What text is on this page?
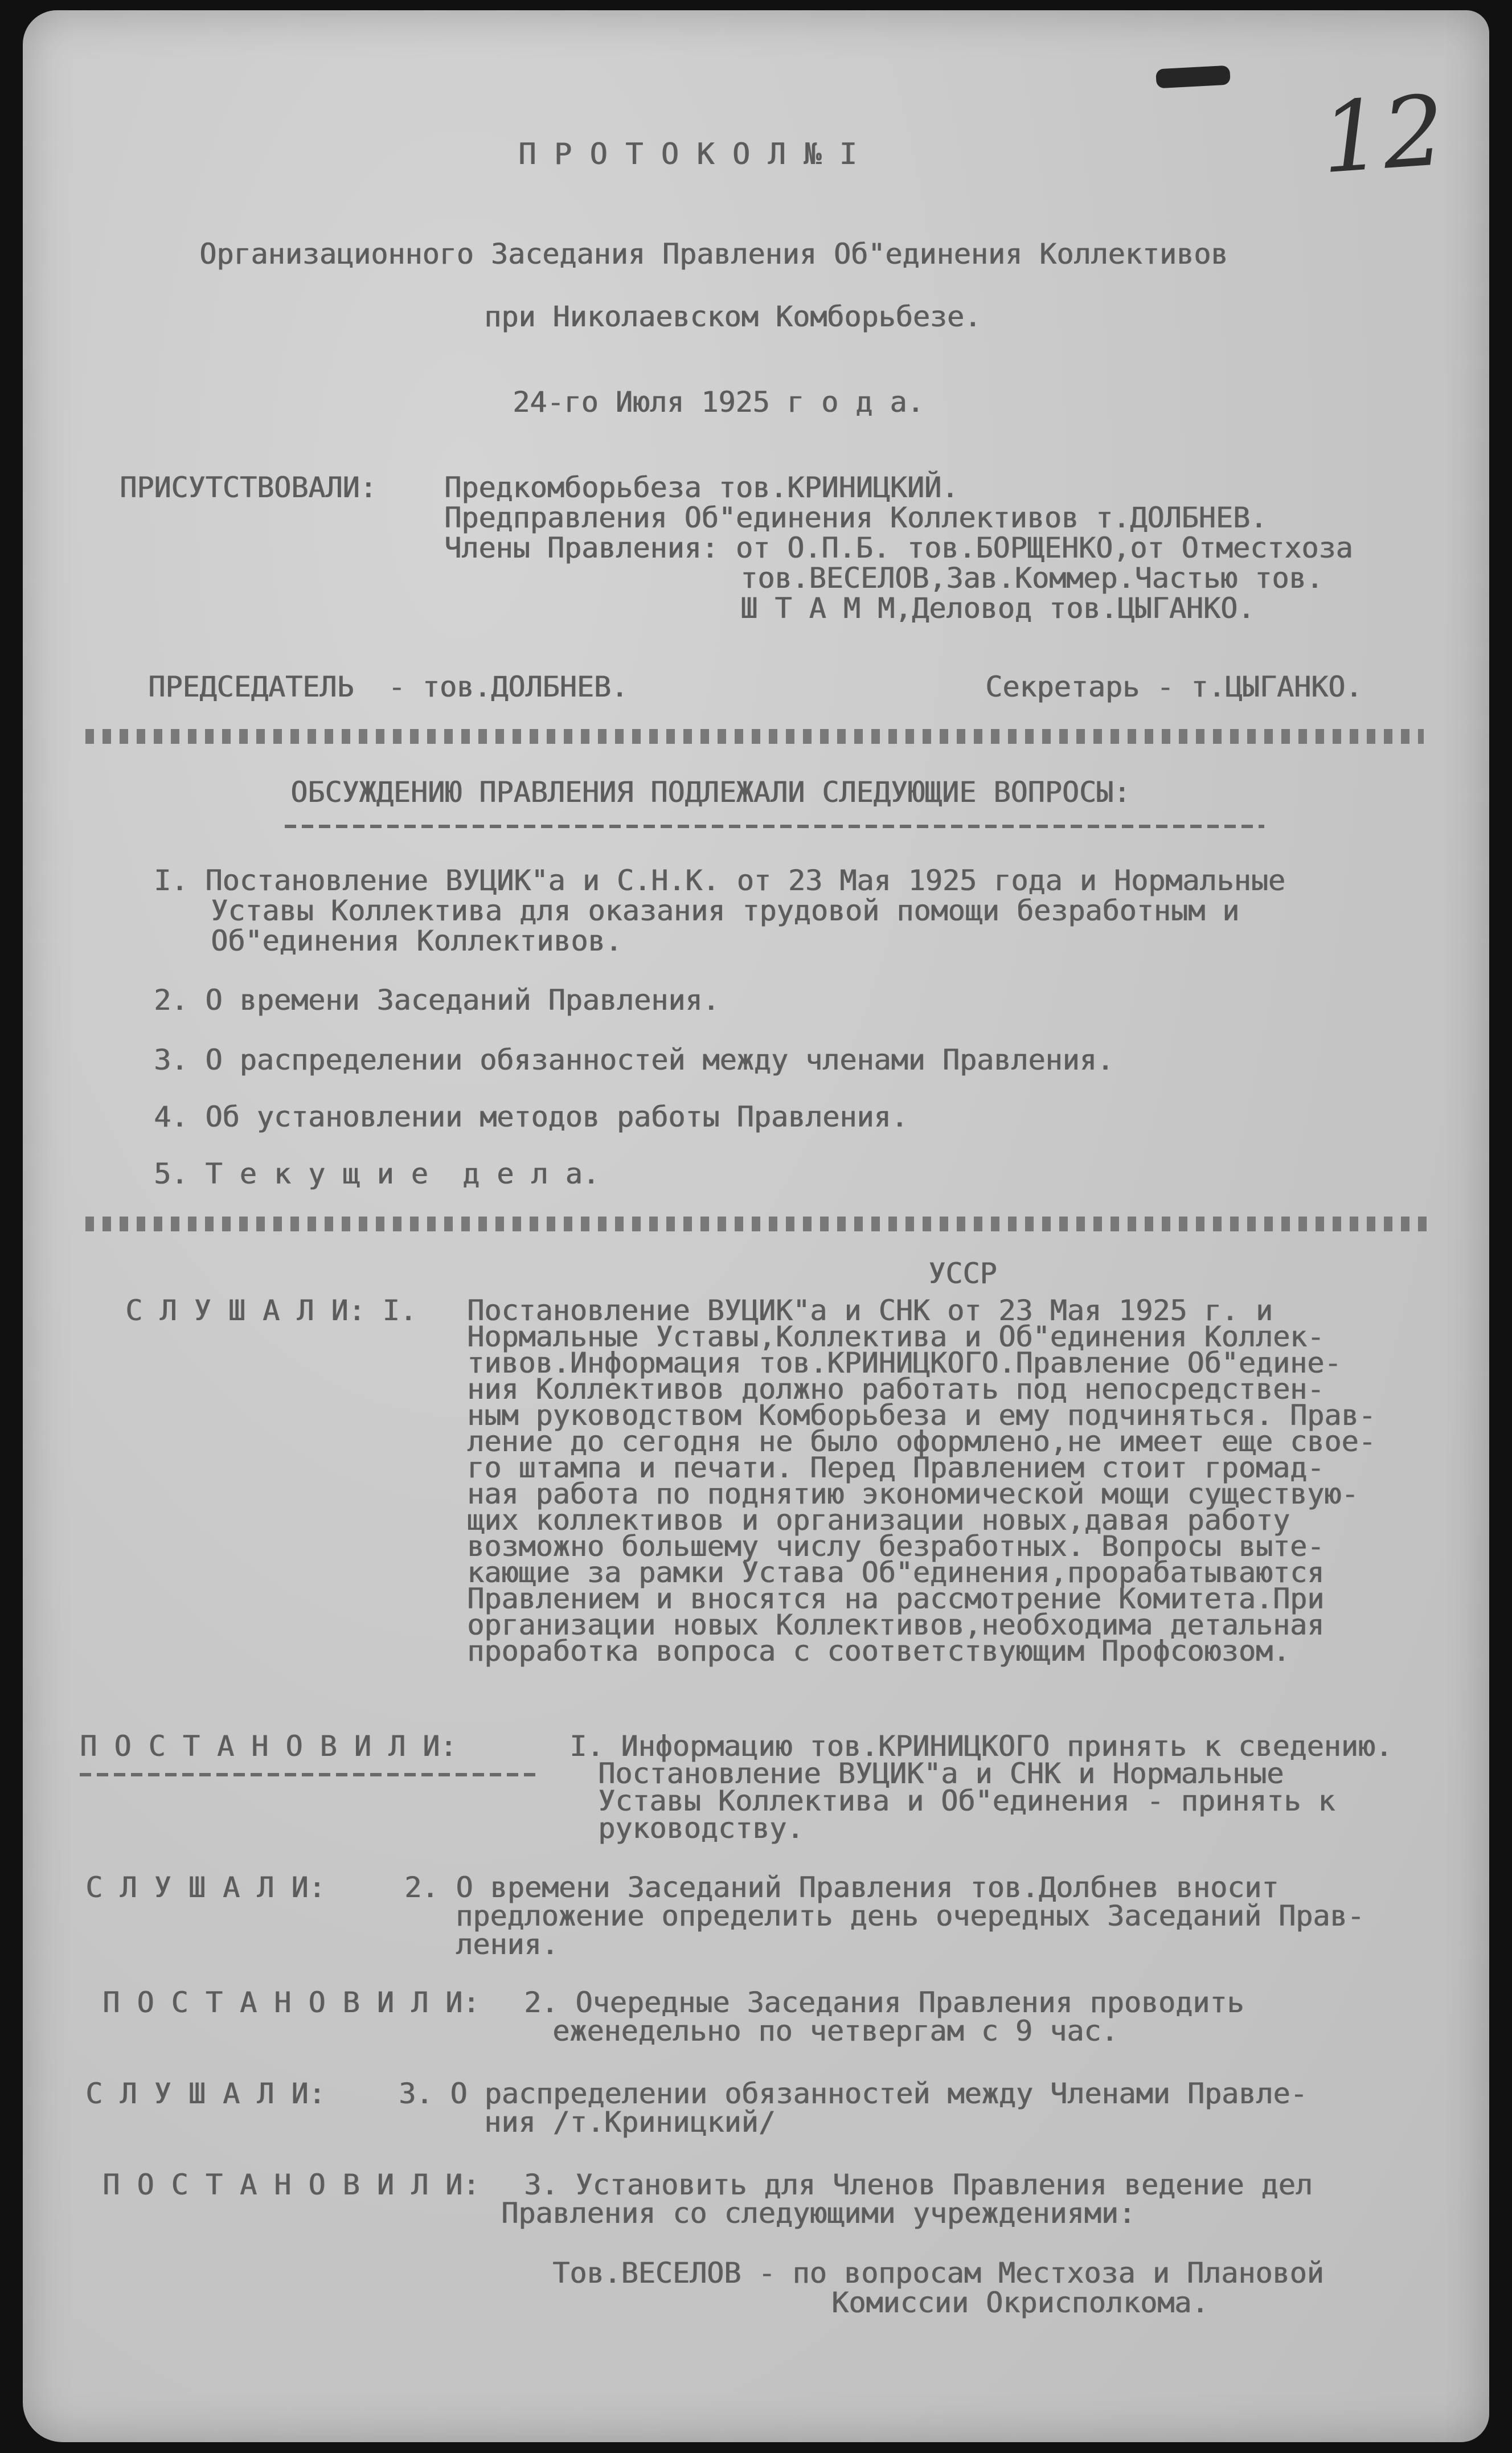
12

П Р О Т О К О Л № I

Организационного Заседания Правления Об"единения Коллективов

при Николаевском Комборьбезе.

24-го Июля 1925 г о д а.

ПРИСУТСТВОВАЛИ: Предкомборьбеза тов.КРИНИЦКИЙ.

Предправления Об"единения Коллективов т.ДОЛБНЕВ.

Члены Правления: от О.П.Б. тов.БОРЩЕНКО,от Отместхоза

тов.ВЕСЕЛОВ,Зав.Коммер.Частью тов.

Ш Т А М М,Деловод тов.ЦЫГАНКО.

ПРЕДСЕДАТЕЛЬ  - тов.ДОЛБНЕВ.	Секретарь - т.ЦЫГАНКО.

ОБСУЖДЕНИЮ ПРАВЛЕНИЯ ПОДЛЕЖАЛИ СЛЕДУЮЩИЕ ВОПРОСЫ:

I. Постановление ВУЦИК"а и С.Н.К. от 23 Мая 1925 года и Нормальные

Уставы Коллектива для оказания трудовой помощи безработным и

Об"единения Коллективов.

2. О времени Заседаний Правления.

3. О распределении обязанностей между членами Правления.

4. Об установлении методов работы Правления.

5. Т е к у щ и е  д е л а.

УССР

С Л У Ш А Л И: I. Постановление ВУЦИК"а и СНК от 23 Мая 1925 г. и

Нормальные Уставы,Коллектива и Об"единения Коллек-

тивов.Информация тов.КРИНИЦКОГО.Правление Об"едине-

ния Коллективов должно работать под непосредствен-

ным руководством Комборьбеза и ему подчиняться. Прав-

ление до сегодня не было оформлено,не имеет еще свое-

го штампа и печати. Перед Правлением стоит громад-

ная работа по поднятию экономической мощи существую-

щих коллективов и организации новых,давая работу

возможно большему числу безработных. Вопросы выте-

кающие за рамки Устава Об"единения,прорабатываются

Правлением и вносятся на рассмотрение Комитета.При

организации новых Коллективов,необходима детальная

проработка вопроса с соответствующим Профсоюзом.

П О С Т А Н О В И Л И:	I. Информацию тов.КРИНИЦКОГО принять к сведению.

Постановление ВУЦИК"а и СНК и Нормальные

Уставы Коллектива и Об"единения - принять к

руководству.

С Л У Ш А Л И:	2. О времени Заседаний Правления тов.Долбнев вносит

предложение определить день очередных Заседаний Прав-

ления.

П О С Т А Н О В И Л И: 2. Очередные Заседания Правления проводить

еженедельно по четвергам с 9 час.

С Л У Ш А Л И:	3. О распределении обязанностей между Членами Правле-

ния /т.Криницкий/

П О С Т А Н О В И Л И: 3. Установить для Членов Правления ведение дел

Правления со следующими учреждениями:

Тов.ВЕСЕЛОВ - по вопросам Местхоза и Плановой

Комиссии Окрисполкома.
